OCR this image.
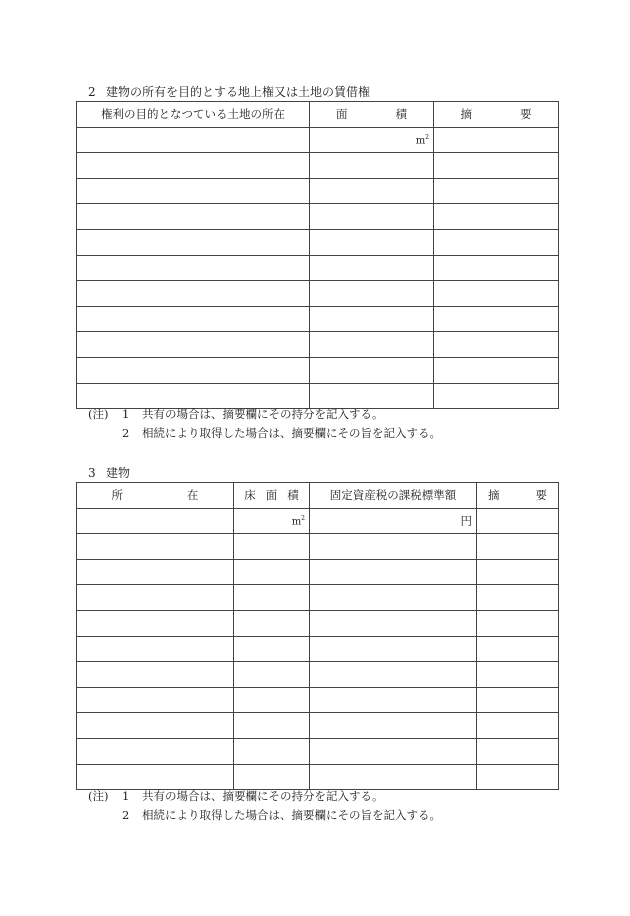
2 建物の所有を目的とする地上権又は土地の賃借権
権利の目的となつている土地の所在	面 積	摘 要
	$m^2$	

(注) 1 共有の場合は、摘要欄にその持分を記入する。
2 相続により取得した場合は、摘要欄にその旨を記入する。
3 建物
所 在	床 面 積	固定資産税の課税標準額	摘 要
	$m^2$	円	

(注) 1 共有の場合は、摘要欄にその持分を記入する。
2 相続により取得した場合は、摘要欄にその旨を記入する。
